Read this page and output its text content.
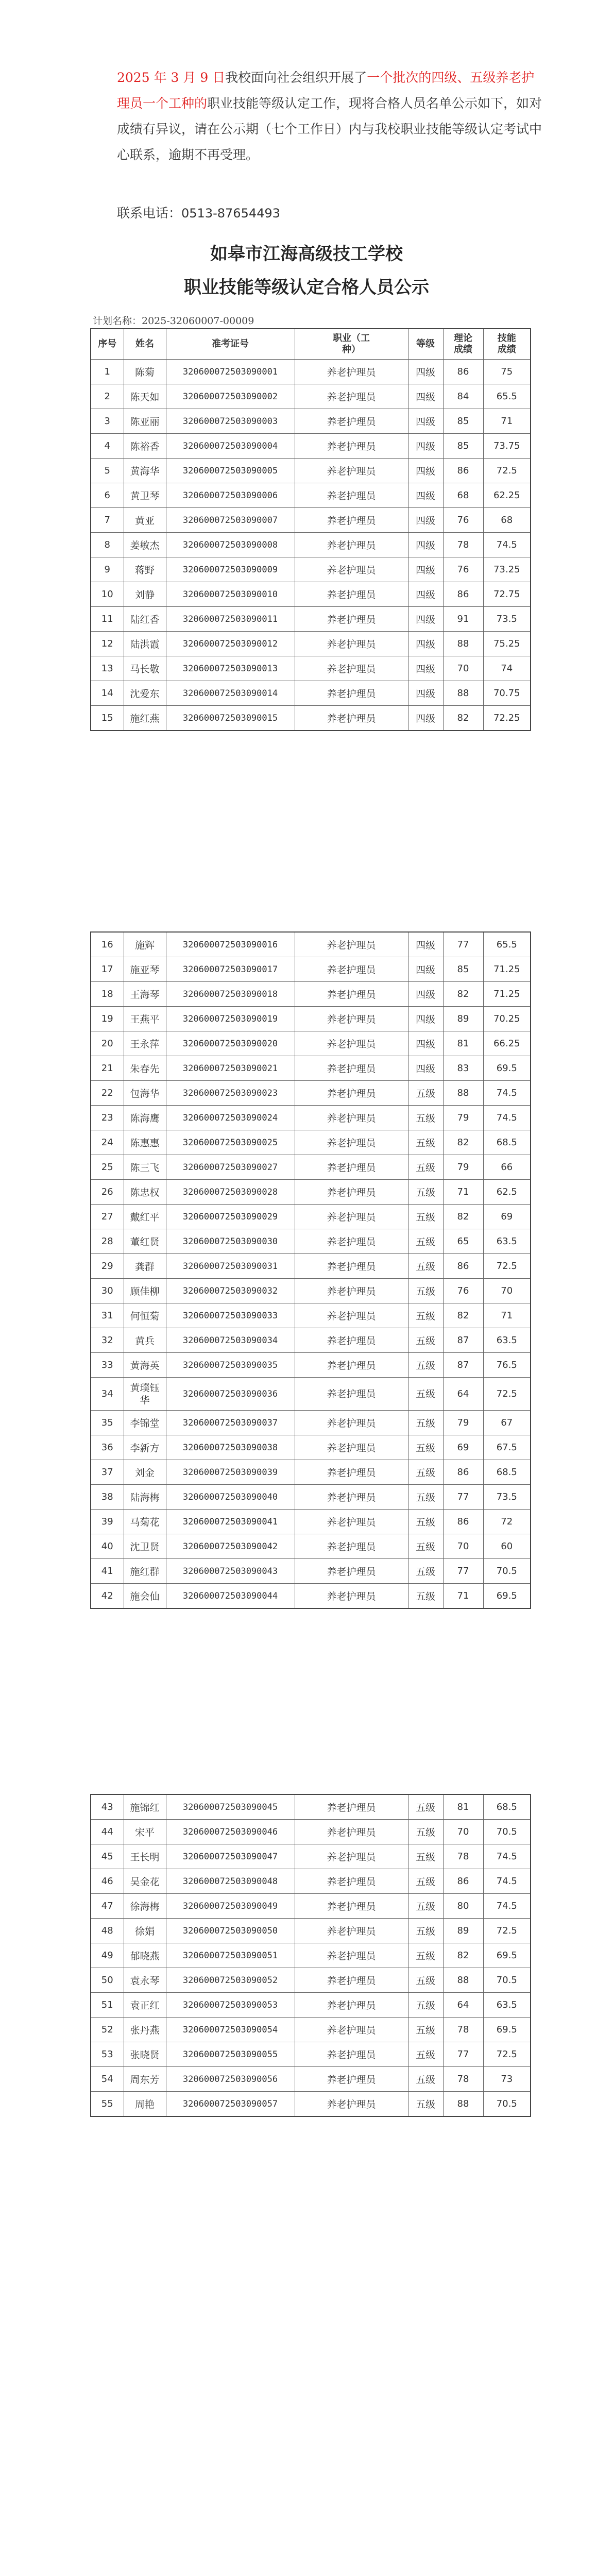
2025 年 3 月 9 日我校面向社会组织开展了一个批次的四级、五级养老护理员一个工种的职业技能等级认定工作，现将合格人员名单公示如下，如对成绩有异议，请在公示期（七个工作日）内与我校职业技能等级认定考试中心联系，逾期不再受理。
联系电话：0513-87654493
如皋市江海高级技工学校
职业技能等级认定合格人员公示
计划名称：2025-32060007-00009
序号	姓名	准考证号	职业（工种）	等级	理论成绩	技能成绩

1	陈菊	320600072503090001	养老护理员	四级	86	75
2	陈天如	320600072503090002	养老护理员	四级	84	65.5
3	陈亚丽	320600072503090003	养老护理员	四级	85	71
4	陈裕香	320600072503090004	养老护理员	四级	85	73.75
5	黄海华	320600072503090005	养老护理员	四级	86	72.5
6	黄卫琴	320600072503090006	养老护理员	四级	68	62.25
7	黄亚	320600072503090007	养老护理员	四级	76	68
8	姜敏杰	320600072503090008	养老护理员	四级	78	74.5
9	蒋野	320600072503090009	养老护理员	四级	76	73.25
10	刘静	320600072503090010	养老护理员	四级	86	72.75
11	陆红香	320600072503090011	养老护理员	四级	91	73.5
12	陆洪霞	320600072503090012	养老护理员	四级	88	75.25
13	马长敬	320600072503090013	养老护理员	四级	70	74
14	沈爱东	320600072503090014	养老护理员	四级	88	70.75
15	施红燕	320600072503090015	养老护理员	四级	82	72.25
16	施辉	320600072503090016	养老护理员	四级	77	65.5
17	施亚琴	320600072503090017	养老护理员	四级	85	71.25
18	王海琴	320600072503090018	养老护理员	四级	82	71.25
19	王燕平	320600072503090019	养老护理员	四级	89	70.25
20	王永萍	320600072503090020	养老护理员	四级	81	66.25
21	朱春先	320600072503090021	养老护理员	四级	83	69.5
22	包海华	320600072503090023	养老护理员	五级	88	74.5
23	陈海鹰	320600072503090024	养老护理员	五级	79	74.5
24	陈惠惠	320600072503090025	养老护理员	五级	82	68.5
25	陈三飞	320600072503090027	养老护理员	五级	79	66
26	陈忠权	320600072503090028	养老护理员	五级	71	62.5
27	戴红平	320600072503090029	养老护理员	五级	82	69
28	董红贤	320600072503090030	养老护理员	五级	65	63.5
29	龚群	320600072503090031	养老护理员	五级	86	72.5
30	顾佳柳	320600072503090032	养老护理员	五级	76	70
31	何恒菊	320600072503090033	养老护理员	五级	82	71
32	黄兵	320600072503090034	养老护理员	五级	87	63.5
33	黄海英	320600072503090035	养老护理员	五级	87	76.5
34	黄璞钰华	320600072503090036	养老护理员	五级	64	72.5
35	李锦堂	320600072503090037	养老护理员	五级	79	67
36	李新方	320600072503090038	养老护理员	五级	69	67.5
37	刘金	320600072503090039	养老护理员	五级	86	68.5
38	陆海梅	320600072503090040	养老护理员	五级	77	73.5
39	马菊花	320600072503090041	养老护理员	五级	86	72
40	沈卫贤	320600072503090042	养老护理员	五级	70	60
41	施红群	320600072503090043	养老护理员	五级	77	70.5
42	施会仙	320600072503090044	养老护理员	五级	71	69.5
43	施锦红	320600072503090045	养老护理员	五级	81	68.5
44	宋平	320600072503090046	养老护理员	五级	70	70.5
45	王长明	320600072503090047	养老护理员	五级	78	74.5
46	吴金花	320600072503090048	养老护理员	五级	86	74.5
47	徐海梅	320600072503090049	养老护理员	五级	80	74.5
48	徐娟	320600072503090050	养老护理员	五级	89	72.5
49	郁晓燕	320600072503090051	养老护理员	五级	82	69.5
50	袁永琴	320600072503090052	养老护理员	五级	88	70.5
51	袁正红	320600072503090053	养老护理员	五级	64	63.5
52	张丹燕	320600072503090054	养老护理员	五级	78	69.5
53	张晓贤	320600072503090055	养老护理员	五级	77	72.5
54	周东芳	320600072503090056	养老护理员	五级	78	73
55	周艳	320600072503090057	养老护理员	五级	88	70.5
